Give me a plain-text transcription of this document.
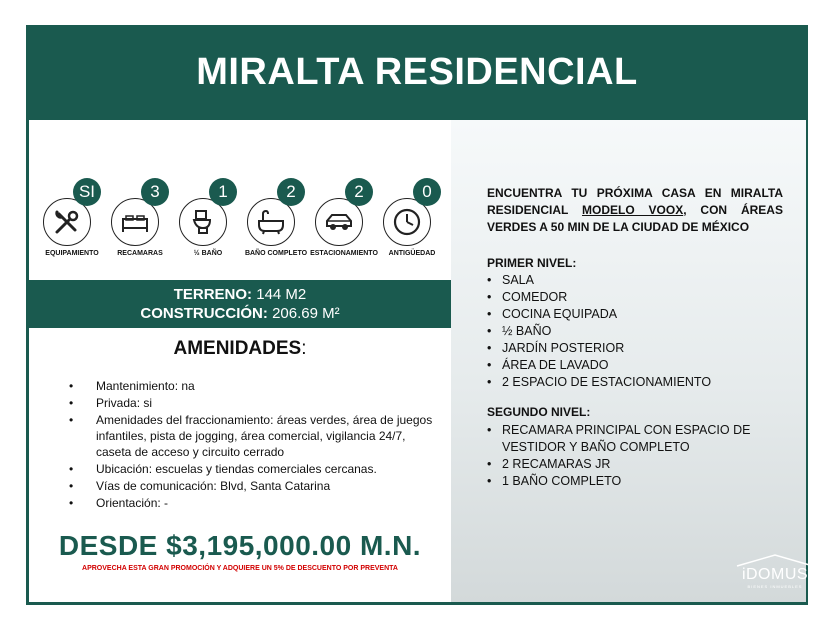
MIRALTA RESIDENCIAL
SI
EQUIPAMIENTO
3
RECAMARAS
1
½ BAÑO
2
BAÑO COMPLETO
2
ESTACIONAMIENTO
0
ANTIGÜEDAD
TERRENO: 144 M2
CONSTRUCCIÓN: 206.69 M²
AMENIDADES:
• Mantenimiento: na
• Privada: si
• Amenidades del fraccionamiento: áreas verdes, área de juegos infantiles, pista de jogging, área comercial, vigilancia 24/7, caseta de acceso y circuito cerrado
• Ubicación: escuelas y tiendas comerciales cercanas.
• Vías de comunicación: Blvd, Santa Catarina
• Orientación: -
DESDE $3,195,000.00 M.N.
APROVECHA ESTA GRAN PROMOCIÓN Y ADQUIERE UN 5% DE DESCUENTO POR PREVENTA
ENCUENTRA TU PRÓXIMA CASA EN MIRALTA RESIDENCIAL MODELO VOOX, CON ÁREAS VERDES A 50 MIN DE LA CIUDAD DE MÉXICO
PRIMER NIVEL:
• SALA
• COMEDOR
• COCINA EQUIPADA
• ½ BAÑO
• JARDÍN POSTERIOR
• ÁREA DE LAVADO
• 2 ESPACIO DE ESTACIONAMIENTO
SEGUNDO NIVEL:
• RECAMARA PRINCIPAL CON ESPACIO DE VESTIDOR Y BAÑO COMPLETO
• 2 RECAMARAS JR
• 1 BAÑO COMPLETO
iDOMUS
BIENES INMUEBLES
